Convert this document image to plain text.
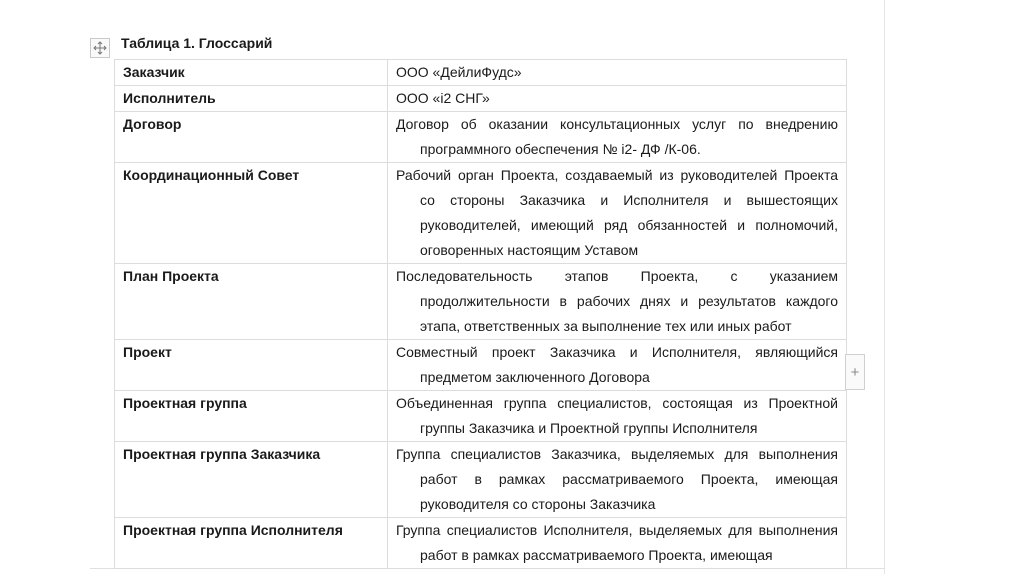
Таблица 1. Глоссарий
Заказчик	ООО «ДейлиФудс»

Исполнитель	ООО «i2 СНГ»

Договор	Договор об оказании консультационных услуг по внедрению программного обеспечения № i2- ДФ /К-06.

Координационный Совет	Рабочий орган Проекта, создаваемый из руководителей Проекта со стороны Заказчика и Исполнителя и вышестоящих руководителей, имеющий ряд обязанностей и полномочий, оговоренных настоящим Уставом

План Проекта	Последовательность этапов Проекта, с указанием продолжительности в рабочих днях и результатов каждого этапа, ответственных за выполнение тех или иных работ

Проект	Совместный проект Заказчика и Исполнителя, являющийся предметом заключенного Договора

Проектная группа	Объединенная группа специалистов, состоящая из Проектной группы Заказчика и Проектной группы Исполнителя

Проектная группа Заказчика	Группа специалистов Заказчика, выделяемых для выполнения работ в рамках рассматриваемого Проекта, имеющая руководителя со стороны Заказчика

Проектная группа Исполнителя	Группа специалистов Исполнителя, выделяемых для выполнения работ в рамках рассматриваемого Проекта, имеющая
+
